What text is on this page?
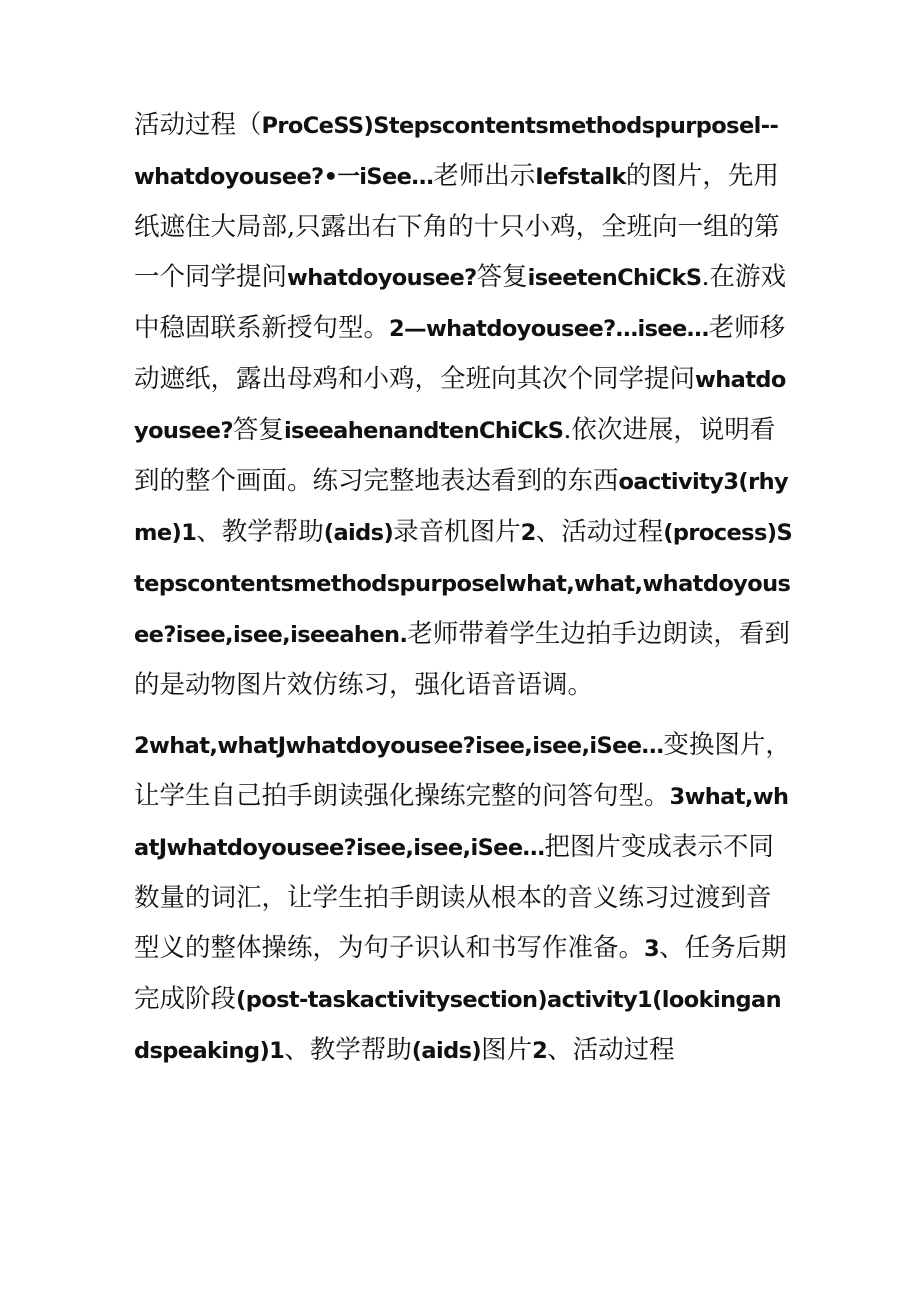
活动过程（ProCeSS)Stepscontentsmethodspurposel--whatdoyousee?•一iSee…老师出示Iefstalk的图片，先用纸遮住大局部,只露出右下角的十只小鸡，全班向一组的第一个同学提问whatdoyousee?答复iseetenChiCkS.在游戏中稳固联系新授句型。2—whatdoyousee?…isee…老师移动遮纸，露出母鸡和小鸡，全班向其次个同学提问whatdoyousee?答复iseeahenandtenChiCkS.依次进展，说明看到的整个画面。练习完整地表达看到的东西oactivity3(rhyme)1、教学帮助(aids)录音机图片2、活动过程(process)Stepscontentsmethodspurposelwhat,what,whatdoyousee?isee,isee,iseeahen.老师带着学生边拍手边朗读，看到的是动物图片效仿练习，强化语音语调。

2what,whatJwhatdoyousee?isee,isee,iSee…变换图片，让学生自己拍手朗读强化操练完整的问答句型。3what,whatJwhatdoyousee?isee,isee,iSee…把图片变成表示不同数量的词汇，让学生拍手朗读从根本的音义练习过渡到音型义的整体操练，为句子识认和书写作准备。3、任务后期完成阶段(post-taskactivitysection)activity1(lookingandspeaking)1、教学帮助(aids)图片2、活动过程
